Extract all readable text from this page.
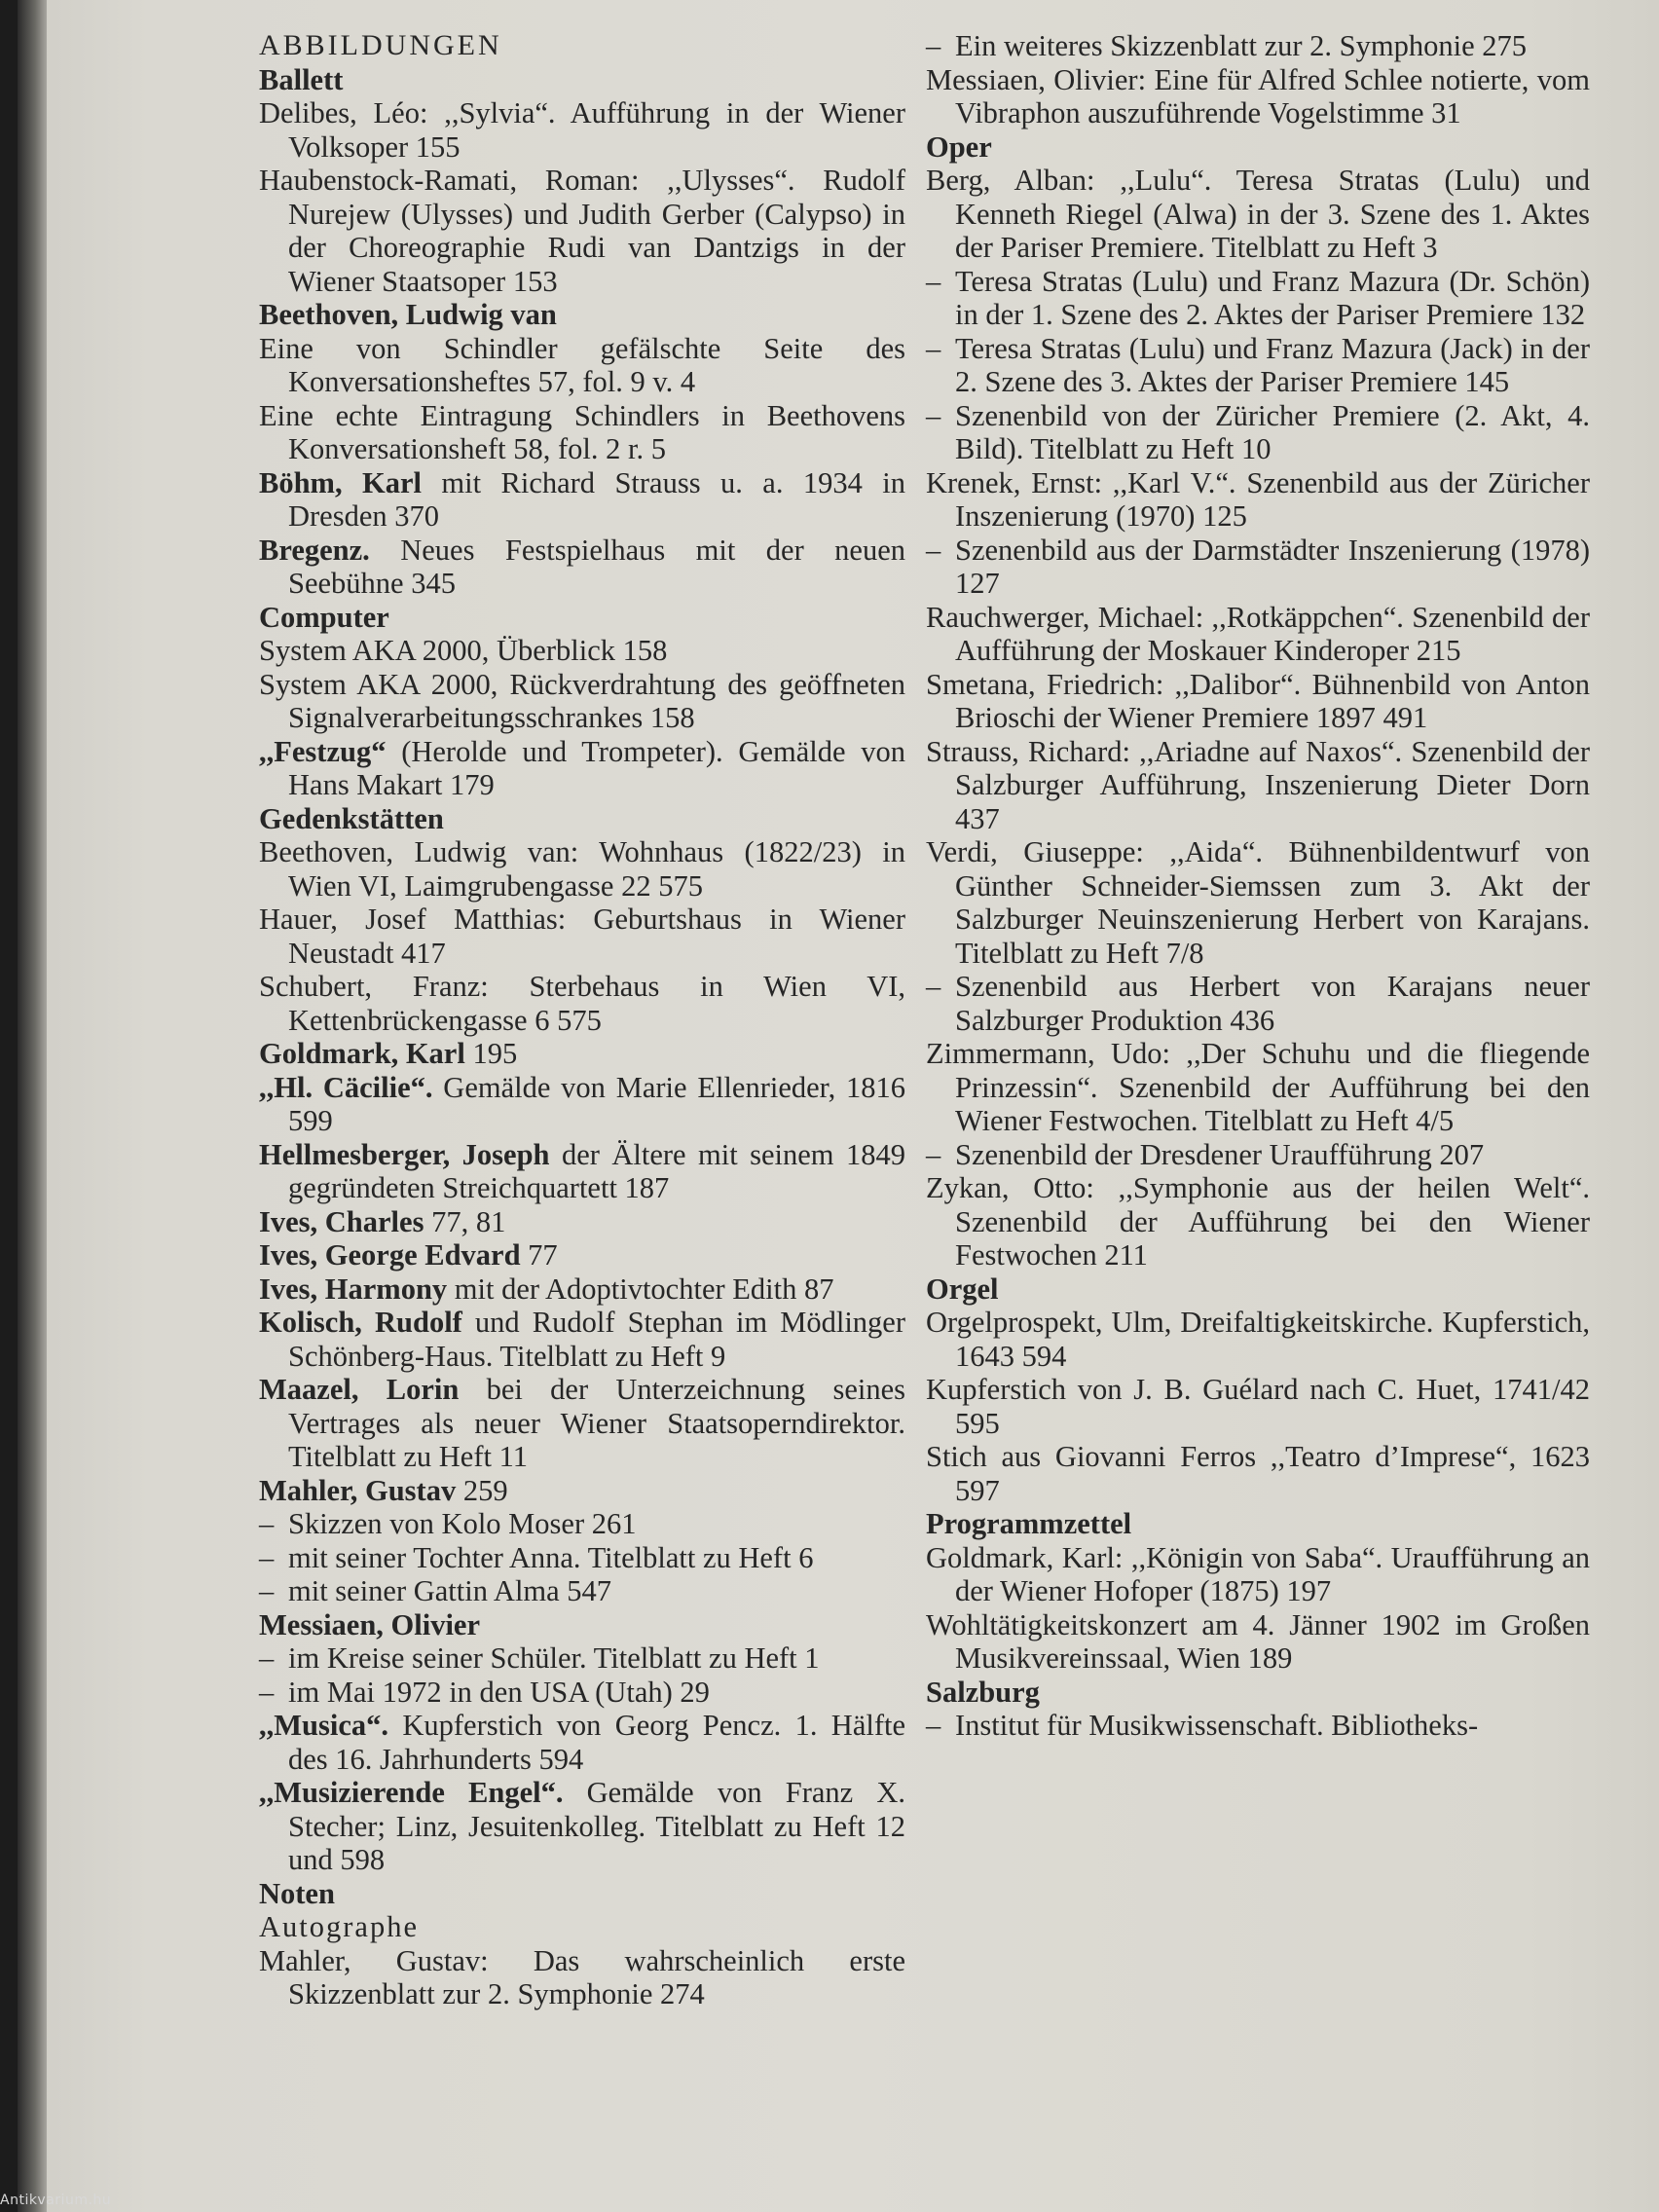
ABBILDUNGEN
Ballett
Delibes, Léo: ,,Sylvia“. Aufführung in der Wiener Volksoper 155
Haubenstock-Ramati, Roman: ,,Ulysses“. Rudolf Nurejew (Ulysses) und Judith Gerber (Calypso) in der Choreographie Rudi van Dantzigs in der Wiener Staatsoper 153
Beethoven, Ludwig van
Eine von Schindler gefälschte Seite des Konversationsheftes 57, fol. 9 v. 4
Eine echte Eintragung Schindlers in Beethovens Konversationsheft 58, fol. 2 r. 5
Böhm, Karl mit Richard Strauss u. a. 1934 in Dresden 370
Bregenz. Neues Festspielhaus mit der neuen Seebühne 345
Computer
System AKA 2000, Überblick 158
System AKA 2000, Rückverdrahtung des geöffneten Signalverarbeitungsschrankes 158
,,Festzug“ (Herolde und Trompeter). Gemälde von Hans Makart 179
Gedenkstätten
Beethoven, Ludwig van: Wohnhaus (1822/23) in Wien VI, Laimgrubengasse 22 575
Hauer, Josef Matthias: Geburtshaus in Wiener Neustadt 417
Schubert, Franz: Sterbehaus in Wien VI, Kettenbrückengasse 6 575
Goldmark, Karl 195
,,Hl. Cäcilie“. Gemälde von Marie Ellenrieder, 1816 599
Hellmesberger, Joseph der Ältere mit seinem 1849 gegründeten Streichquartett 187
Ives, Charles 77, 81
Ives, George Edvard 77
Ives, Harmony mit der Adoptivtochter Edith 87
Kolisch, Rudolf und Rudolf Stephan im Mödlinger Schönberg-Haus. Titelblatt zu Heft 9
Maazel, Lorin bei der Unterzeichnung seines Vertrages als neuer Wiener Staatsoperndirektor. Titelblatt zu Heft 11
Mahler, Gustav 259
– Skizzen von Kolo Moser 261
– mit seiner Tochter Anna. Titelblatt zu Heft 6
– mit seiner Gattin Alma 547
Messiaen, Olivier
– im Kreise seiner Schüler. Titelblatt zu Heft 1
– im Mai 1972 in den USA (Utah) 29
,,Musica“. Kupferstich von Georg Pencz. 1. Hälfte des 16. Jahrhunderts 594
,,Musizierende Engel“. Gemälde von Franz X. Stecher; Linz, Jesuitenkolleg. Titelblatt zu Heft 12 und 598
Noten
Autographe
Mahler, Gustav: Das wahrscheinlich erste Skizzenblatt zur 2. Symphonie 274
– Ein weiteres Skizzenblatt zur 2. Symphonie 275
Messiaen, Olivier: Eine für Alfred Schlee notierte, vom Vibraphon auszuführende Vogelstimme 31
Oper
Berg, Alban: ,,Lulu“. Teresa Stratas (Lulu) und Kenneth Riegel (Alwa) in der 3. Szene des 1. Aktes der Pariser Premiere. Titelblatt zu Heft 3
– Teresa Stratas (Lulu) und Franz Mazura (Dr. Schön) in der 1. Szene des 2. Aktes der Pariser Premiere 132
– Teresa Stratas (Lulu) und Franz Mazura (Jack) in der 2. Szene des 3. Aktes der Pariser Premiere 145
– Szenenbild von der Züricher Premiere (2. Akt, 4. Bild). Titelblatt zu Heft 10
Krenek, Ernst: ,,Karl V.“. Szenenbild aus der Züricher Inszenierung (1970) 125
– Szenenbild aus der Darmstädter Inszenierung (1978) 127
Rauchwerger, Michael: ,,Rotkäppchen“. Szenenbild der Aufführung der Moskauer Kinderoper 215
Smetana, Friedrich: ,,Dalibor“. Bühnenbild von Anton Brioschi der Wiener Premiere 1897 491
Strauss, Richard: ,,Ariadne auf Naxos“. Szenenbild der Salzburger Aufführung, Inszenierung Dieter Dorn 437
Verdi, Giuseppe: ,,Aida“. Bühnenbildentwurf von Günther Schneider-Siemssen zum 3. Akt der Salzburger Neuinszenierung Herbert von Karajans. Titelblatt zu Heft 7/8
– Szenenbild aus Herbert von Karajans neuer Salzburger Produktion 436
Zimmermann, Udo: ,,Der Schuhu und die fliegende Prinzessin“. Szenenbild der Aufführung bei den Wiener Festwochen. Titelblatt zu Heft 4/5
– Szenenbild der Dresdener Uraufführung 207
Zykan, Otto: ,,Symphonie aus der heilen Welt“. Szenenbild der Aufführung bei den Wiener Festwochen 211
Orgel
Orgelprospekt, Ulm, Dreifaltigkeitskirche. Kupferstich, 1643 594
Kupferstich von J. B. Guélard nach C. Huet, 1741/42 595
Stich aus Giovanni Ferros ,,Teatro d’Imprese“, 1623 597
Programmzettel
Goldmark, Karl: ,,Königin von Saba“. Uraufführung an der Wiener Hofoper (1875) 197
Wohltätigkeitskonzert am 4. Jänner 1902 im Großen Musikvereinssaal, Wien 189
Salzburg
– Institut für Musikwissenschaft. Bibliotheks-
Antikvarium.hu
